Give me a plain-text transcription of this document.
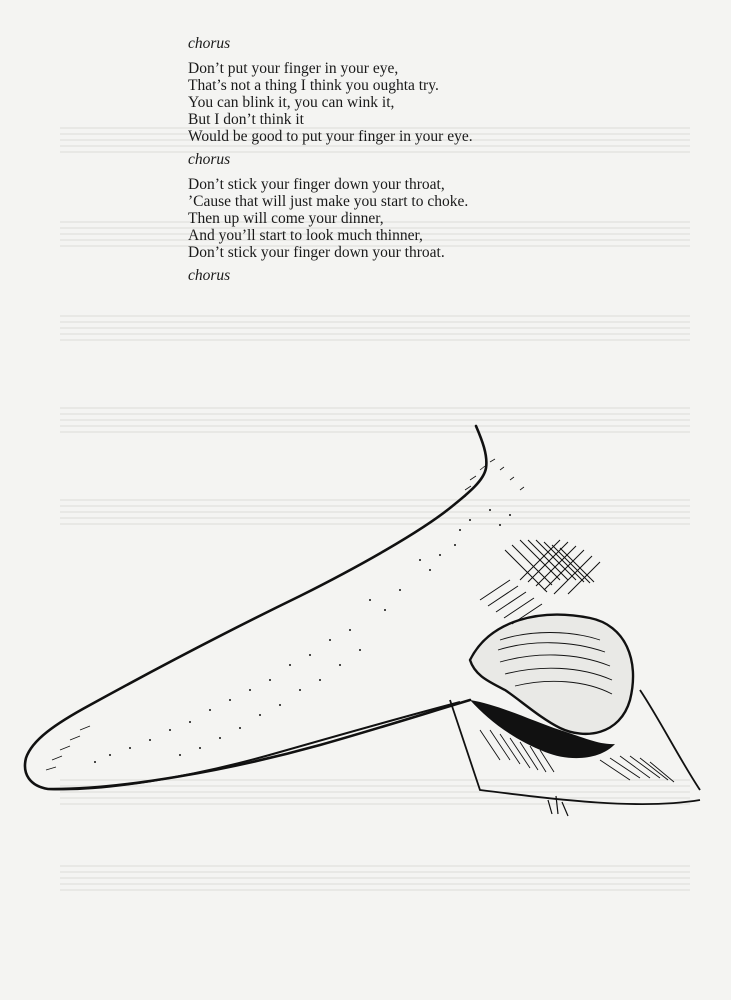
chorus

Don’t put your finger in your eye,
That’s not a thing I think you oughta try.
You can blink it, you can wink it,
But I don’t think it
Would be good to put your finger in your eye.

chorus

Don’t stick your finger down your throat,
’Cause that will just make you start to choke.
Then up will come your dinner,
And you’ll start to look much thinner,
Don’t stick your finger down your throat.

chorus
